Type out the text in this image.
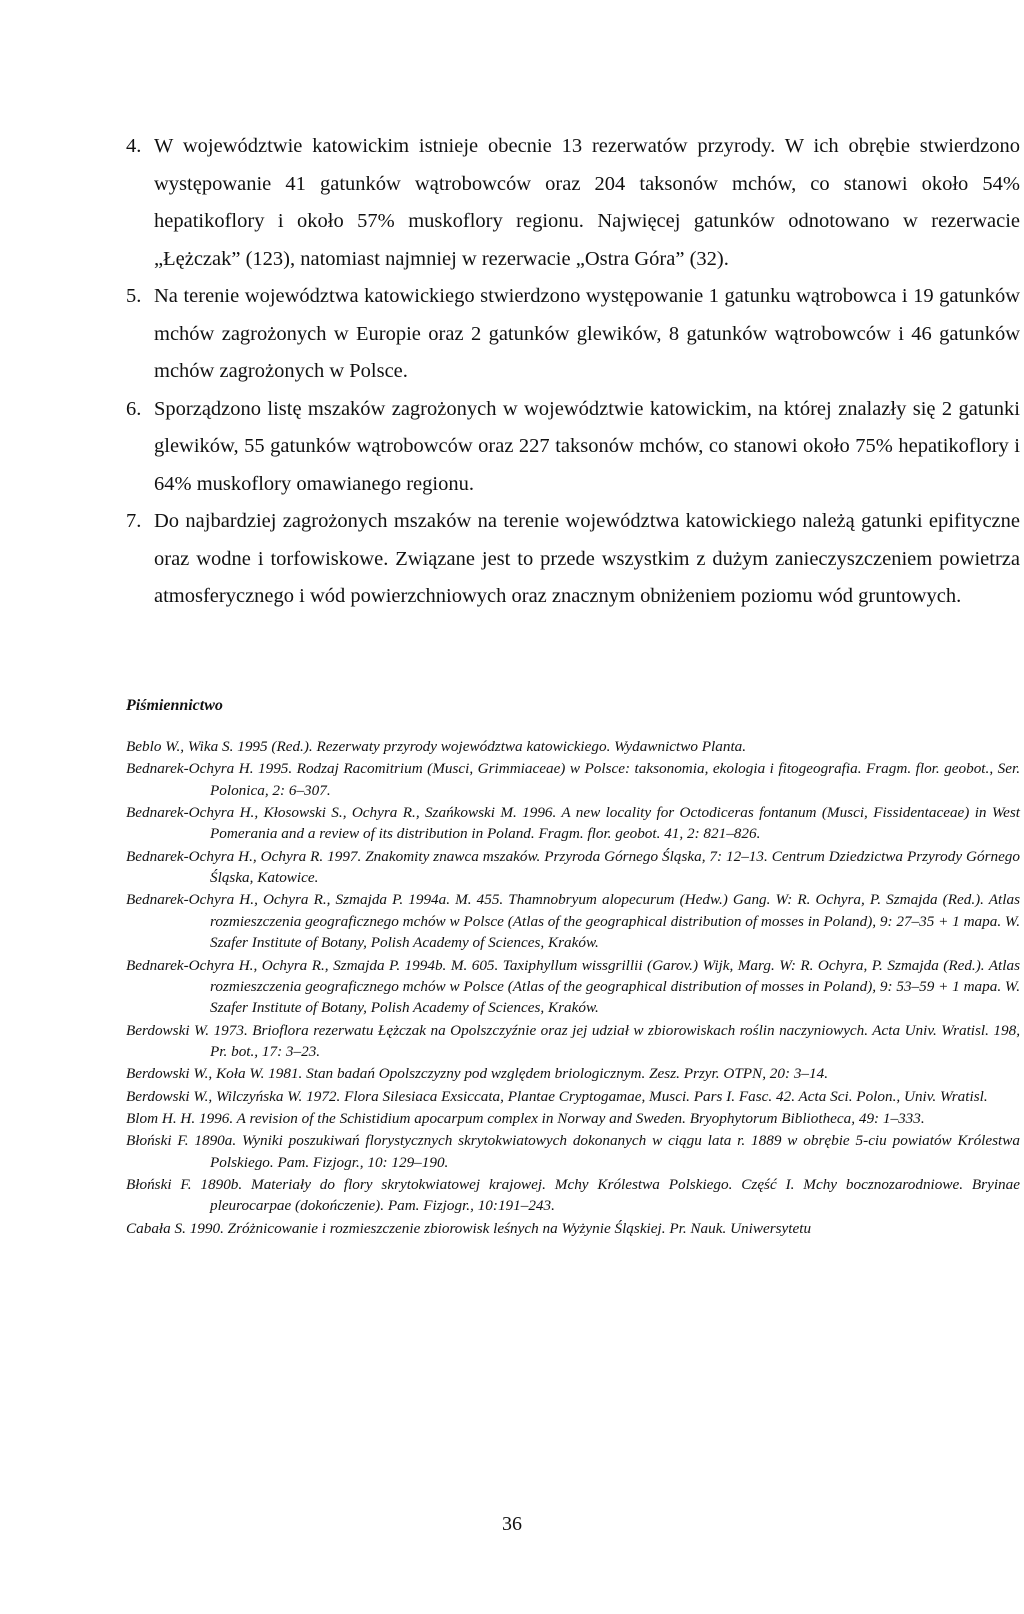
4. W województwie katowickim istnieje obecnie 13 rezerwatów przyrody. W ich obrębie stwierdzono występowanie 41 gatunków wątrobowców oraz 204 taksonów mchów, co stanowi około 54% hepatikoflory i około 57% muskoflory regionu. Najwięcej gatunków odnotowano w rezerwacie „Łężczak” (123), natomiast najmniej w rezerwacie „Ostra Góra” (32).
5. Na terenie województwa katowickiego stwierdzono występowanie 1 gatunku wątrobowca i 19 gatunków mchów zagrożonych w Europie oraz 2 gatunków glewików, 8 gatunków wątrobowców i 46 gatunków mchów zagrożonych w Polsce.
6. Sporządzono listę mszaków zagrożonych w województwie katowickim, na której znalazły się 2 gatunki glewików, 55 gatunków wątrobowców oraz 227 taksonów mchów, co stanowi około 75% hepatikoflory i 64% muskoflory omawianego regionu.
7. Do najbardziej zagrożonych mszaków na terenie województwa katowickiego należą gatunki epifityczne oraz wodne i torfowiskowe. Związane jest to przede wszystkim z dużym zanieczyszczeniem powietrza atmosferycznego i wód powierzchniowych oraz znacznym obniżeniem poziomu wód gruntowych.
Piśmiennictwo
Beblo W., Wika S. 1995 (Red.). Rezerwaty przyrody województwa katowickiego. Wydawnictwo Planta.
Bednarek-Ochyra H. 1995. Rodzaj Racomitrium (Musci, Grimmiaceae) w Polsce: taksonomia, ekologia i fitogeografia. Fragm. flor. geobot., Ser. Polonica, 2: 6–307.
Bednarek-Ochyra H., Kłosowski S., Ochyra R., Szańkowski M. 1996. A new locality for Octodiceras fontanum (Musci, Fissidentaceae) in West Pomerania and a review of its distribution in Poland. Fragm. flor. geobot. 41, 2: 821–826.
Bednarek-Ochyra H., Ochyra R. 1997. Znakomity znawca mszaków. Przyroda Górnego Śląska, 7: 12–13. Centrum Dziedzictwa Przyrody Górnego Śląska, Katowice.
Bednarek-Ochyra H., Ochyra R., Szmajda P. 1994a. M. 455. Thamnobryum alopecurum (Hedw.) Gang. W: R. Ochyra, P. Szmajda (Red.). Atlas rozmieszczenia geograficznego mchów w Polsce (Atlas of the geographical distribution of mosses in Poland), 9: 27–35 + 1 mapa. W. Szafer Institute of Botany, Polish Academy of Sciences, Kraków.
Bednarek-Ochyra H., Ochyra R., Szmajda P. 1994b. M. 605. Taxiphyllum wissgrillii (Garov.) Wijk, Marg. W: R. Ochyra, P. Szmajda (Red.). Atlas rozmieszczenia geograficznego mchów w Polsce (Atlas of the geographical distribution of mosses in Poland), 9: 53–59 + 1 mapa. W. Szafer Institute of Botany, Polish Academy of Sciences, Kraków.
Berdowski W. 1973. Brioflora rezerwatu Łężczak na Opolszczyźnie oraz jej udział w zbiorowiskach roślin naczyniowych. Acta Univ. Wratisl. 198, Pr. bot., 17: 3–23.
Berdowski W., Koła W. 1981. Stan badań Opolszczyzny pod względem briologicznym. Zesz. Przyr. OTPN, 20: 3–14.
Berdowski W., Wilczyńska W. 1972. Flora Silesiaca Exsiccata, Plantae Cryptogamae, Musci. Pars I. Fasc. 42. Acta Sci. Polon., Univ. Wratisl.
Blom H. H. 1996. A revision of the Schistidium apocarpum complex in Norway and Sweden. Bryophytorum Bibliotheca, 49: 1–333.
Błoński F. 1890a. Wyniki poszukiwań florystycznych skrytokwiatowych dokonanych w ciągu lata r. 1889 w obrębie 5-ciu powiatów Królestwa Polskiego. Pam. Fizjogr., 10: 129–190.
Błoński F. 1890b. Materiały do flory skrytokwiatowej krajowej. Mchy Królestwa Polskiego. Część I. Mchy bocznozarodniowe. Bryinae pleurocarpae (dokończenie). Pam. Fizjogr., 10:191–243.
Cabała S. 1990. Zróżnicowanie i rozmieszczenie zbiorowisk leśnych na Wyżynie Śląskiej. Pr. Nauk. Uniwersytetu
36
